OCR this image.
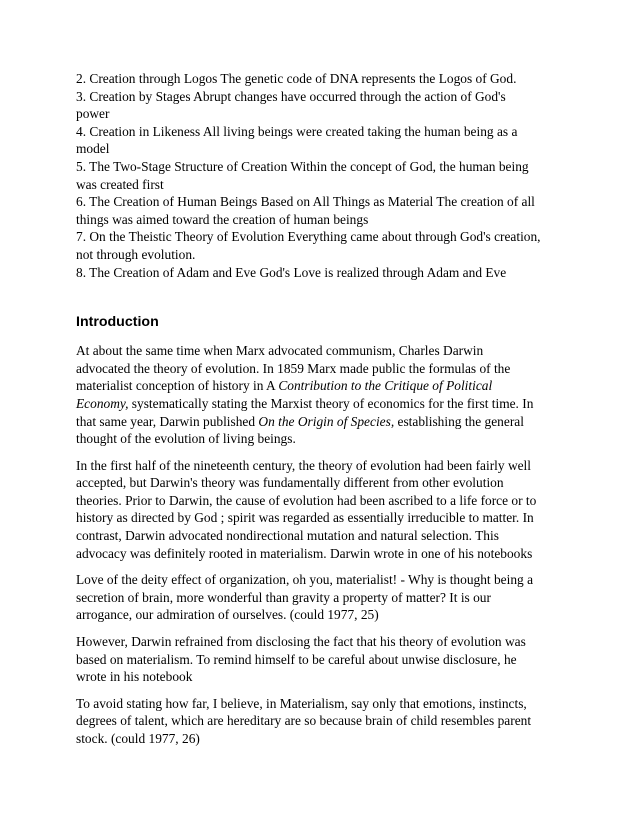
2. Creation through Logos The genetic code of DNA represents the Logos of God.
3. Creation by Stages Abrupt changes have occurred through the action of God's
power
4. Creation in Likeness All living beings were created taking the human being as a
model
5. The Two-Stage Structure of Creation Within the concept of God, the human being
was created first
6. The Creation of Human Beings Based on All Things as Material The creation of all
things was aimed toward the creation of human beings
7. On the Theistic Theory of Evolution Everything came about through God's creation,
not through evolution.
8. The Creation of Adam and Eve God's Love is realized through Adam and Eve
Introduction
At about the same time when Marx advocated communism, Charles Darwin
advocated the theory of evolution. In 1859 Marx made public the formulas of the
materialist conception of history in A Contribution to the Critique of Political
Economy, systematically stating the Marxist theory of economics for the first time. In
that same year, Darwin published On the Origin of Species, establishing the general
thought of the evolution of living beings.
In the first half of the nineteenth century, the theory of evolution had been fairly well
accepted, but Darwin's theory was fundamentally different from other evolution
theories. Prior to Darwin, the cause of evolution had been ascribed to a life force or to
history as directed by God ; spirit was regarded as essentially irreducible to matter. In
contrast, Darwin advocated nondirectional mutation and natural selection. This
advocacy was definitely rooted in materialism. Darwin wrote in one of his notebooks
Love of the deity effect of organization, oh you, materialist! - Why is thought being a
secretion of brain, more wonderful than gravity a property of matter? It is our
arrogance, our admiration of ourselves. (could 1977, 25)
However, Darwin refrained from disclosing the fact that his theory of evolution was
based on materialism. To remind himself to be careful about unwise disclosure, he
wrote in his notebook
To avoid stating how far, I believe, in Materialism, say only that emotions, instincts,
degrees of talent, which are hereditary are so because brain of child resembles parent
stock. (could 1977, 26)
